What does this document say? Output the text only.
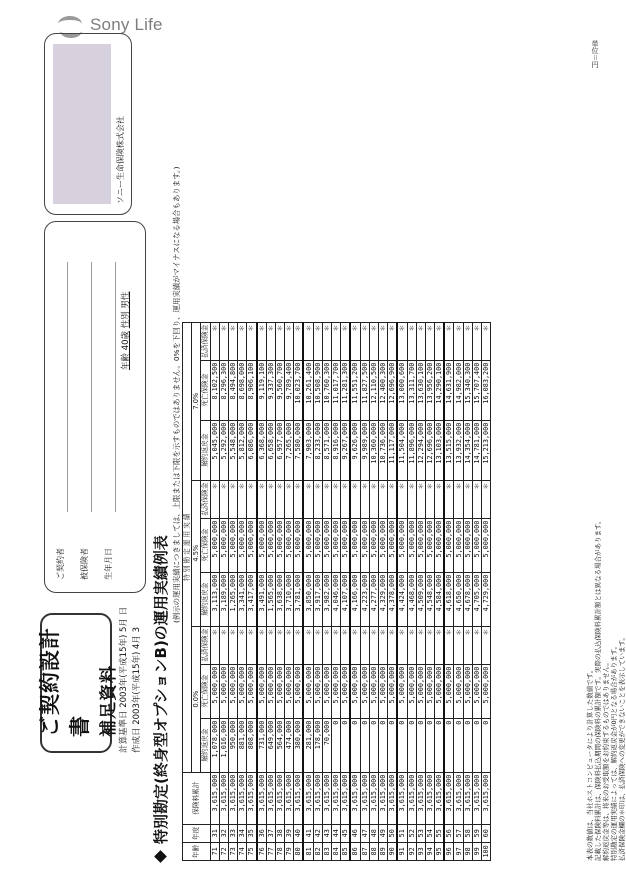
Sony Life
単位＝円
ご契約設計書 補足資料 計算基準日 2003年(平成15年) 5月 日
作成日 2003年(平成15年) 4月 3
ご契約者 被保険者 生年月日
年齢 40歳 性別 男性
ソニー生命保険株式会社
特別勘定(終身型オプションB)の運用実績例表
(例示の運用実績につきましては、上限または下限を示すものではありません。0%を下回り、運用実績がマイナスになる場合もあります。)
年齢	年度	保険料累計	特 別 勘 定 運 用 実 績								
			0.0%			4.5%			7.0%		
			解約返戻金	死亡保険金	払済保険金	解約返戻金	死亡保険金	払済保険金	解約返戻金	死亡保険金	払済保険金
71	31	3,615,000	1,078,000	5,000,000	＊	3,113,000	5,000,000	＊	5,045,000	8,102,500	＊
72	32	3,615,000	1,016,000	5,000,000	＊	3,189,000	5,000,000	＊	5,292,000	8,296,300	＊
73	33	3,615,000	950,000	5,000,000	＊	1,265,000	5,000,000	＊	5,548,000	8,494,800	＊
74	34	3,615,000	881,000	5,000,000	＊	3,341,000	5,000,000	＊	5,812,000	8,698,000	＊
75	35	3,615,000	808,000	5,000,000	＊	3,417,000	5,000,000	＊	6,086,000	8,906,100	＊
76	36	3,615,000	731,000	5,000,000	＊	3,491,000	5,000,000	＊	6,368,000	9,119,100	＊
77	37	3,615,000	649,000	5,000,000	＊	1,565,000	5,000,000	＊	6,658,000	9,337,300	＊
78	38	3,615,000	564,000	5,000,000	＊	3,638,000	5,000,000	＊	6,957,000	9,560,700	＊
79	39	3,615,000	474,000	5,000,000	＊	3,710,000	5,000,000	＊	7,265,000	9,789,400	＊
80	40	3,615,000	380,000	5,000,000	＊	3,781,000	5,000,000	＊	7,580,000	10,023,700	＊
81	41	3,615,000	281,000	5,000,000	＊	3,850,000	5,000,000	＊	7,903,000	10,261,400	＊
82	42	3,615,000	178,000	5,000,000	＊	3,917,000	5,000,000	＊	8,233,000	10,508,900	＊
83	43	3,615,000	70,000	5,000,000	＊	3,982,000	5,000,000	＊	8,571,000	10,760,300	＊
84	44	3,615,000	0	5,000,000	＊	4,046,000	5,000,000	＊	8,916,000	11,017,700	＊
85	45	3,615,000	0	5,000,000	＊	4,107,000	5,000,000	＊	9,267,000	11,281,300	＊
86	46	3,615,000	0	5,000,000	＊	4,166,000	5,000,000	＊	9,626,000	11,551,200	＊
87	47	3,615,000	0	5,000,000	＊	4,223,000	5,000,000	＊	9,989,000	11,827,500	＊
88	48	3,615,000	0	5,000,000	＊	4,277,000	5,000,000	＊	10,360,000	12,110,500	＊
89	49	3,615,000	0	5,000,000	＊	4,329,000	5,000,000	＊	10,736,000	12,400,300	＊
90	50	3,615,000	0	5,000,000	＊	4,378,000	5,000,000	＊	11,117,000	12,696,900	＊
91	51	3,615,000	0	5,000,000	＊	4,424,000	5,000,000	＊	11,504,000	13,000,600	＊
92	52	3,615,000	0	5,000,000	＊	4,468,000	5,000,000	＊	11,896,000	13,311,700	＊
93	53	3,615,000	0	5,000,000	＊	4,509,000	5,000,000	＊	12,294,000	13,630,100	＊
94	54	3,615,000	0	5,000,000	＊	4,548,000	5,000,000	＊	12,696,000	13,956,200	＊
95	55	3,615,000	0	5,000,000	＊	4,584,000	5,000,000	＊	13,103,000	14,290,100	＊
96	56	3,615,000	0	5,000,000	＊	4,618,000	5,000,000	＊	13,515,000	14,631,900	＊
97	57	3,615,000	0	5,000,000	＊	4,650,000	5,000,000	＊	13,932,000	14,982,000	＊
98	58	3,615,000	0	5,000,000	＊	4,678,000	5,000,000	＊	14,354,000	15,340,300	＊
99	59	3,615,000	0	5,000,000	＊	4,705,000	5,000,000	＊	14,781,000	15,707,400	＊
100	60	3,615,000	0	5,000,000	＊	4,729,000	5,000,000	＊	15,213,000	16,083,200	＊
本表の数値は、当社ホストコンピュータにより計算した数値です。 記載した保険料累計は、保険料払込期間の保険料の累計額です。実際の払込保険料累計額とは異なる場合があります。 解約返戻金等は、将来のお受取額をお約束するものではありません。 特別勘定の運用実績によっては、解約返戻金が0円となる場合があります。 払済保険金欄の＊印は、払済保険への変更ができないことを表示しています。
